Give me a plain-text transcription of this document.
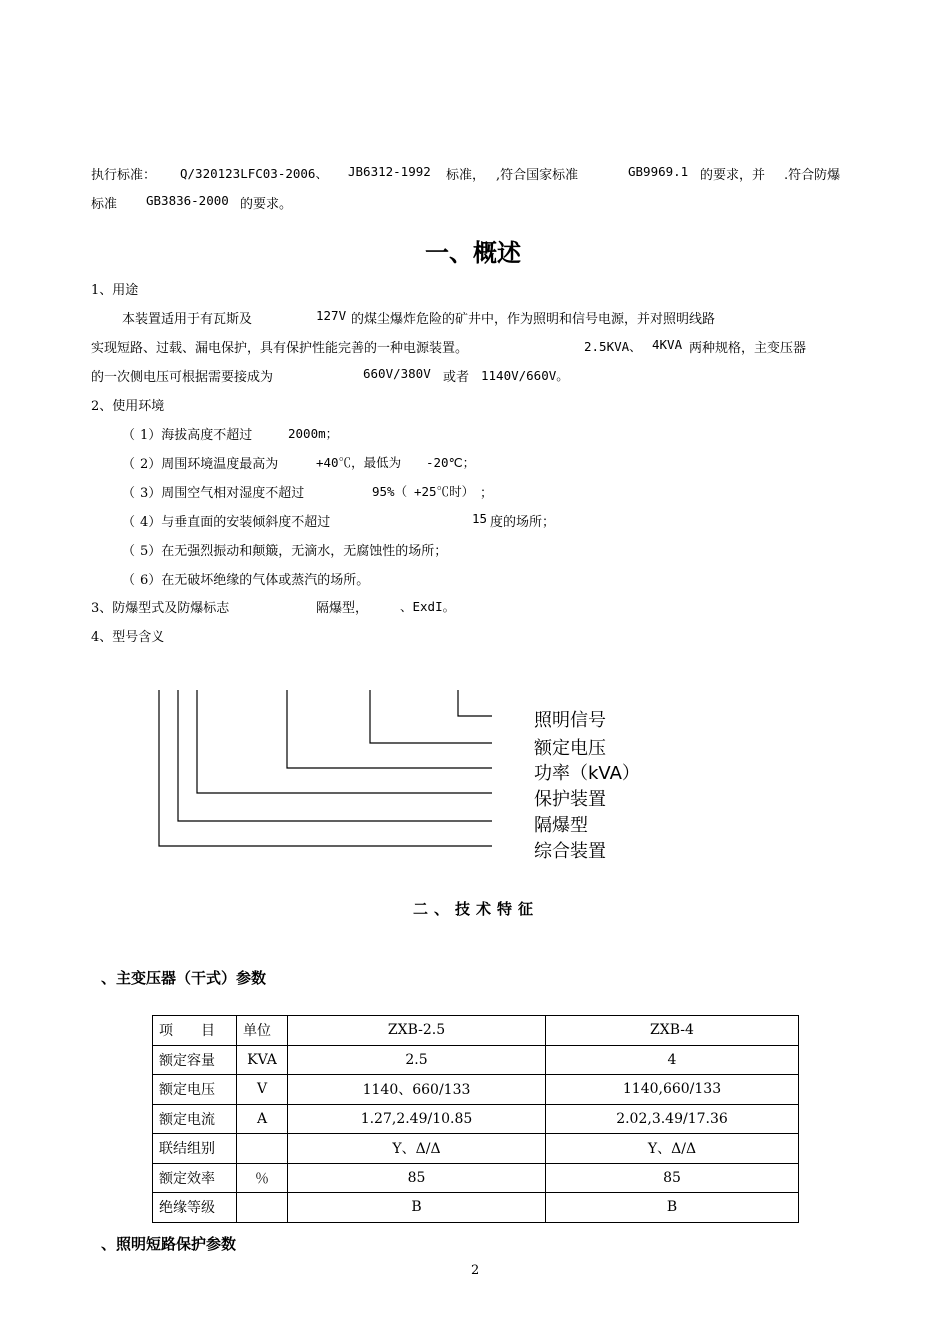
执行标准： Q/320123LFC03-2006、 JB6312-1992 标准， ,符合国家标准	GB9969.1 的要求，并 .符合防爆
标准 GB3836-2000 的要求。
一、概述
1、用途
本装置适用于有瓦斯及	127V 的煤尘爆炸危险的矿井中，作为照明和信号电源，并对照明线路
实现短路、过载、漏电保护，具有保护性能完善的一种电源装置。	2.5KVA、 4KVA 两种规格，主变压器
的一次侧电压可根据需要接成为	660V/380V 或者 1140V/660V。
2、使用环境
（ 1）海拔高度不超过	2000m；
（ 2）周围环境温度最高为	+40℃，最低为 -20℃；
（ 3）周围空气相对湿度不超过	95%（ +25℃时） ；
（ 4）与垂直面的安装倾斜度不超过	15 度的场所；
（ 5）在无强烈振动和颠簸，无滴水，无腐蚀性的场所；
（ 6）在无破坏绝缘的气体或蒸汽的场所。
3、防爆型式及防爆标志	隔爆型，	、ExdI。
4、型号含义
照明信号
额定电压
功率（kVA）
保护装置
隔爆型
综合装置
二、技术特征
、主变压器（干式）参数
项　　目	单位	ZXB-2.5	ZXB-4
额定容量	KVA	2.5	4
额定电压	V	1140、660/133	1140,660/133
额定电流	A	1.27,2.49/10.85	2.02,3.49/17.36
联结组别		Y、Δ/Δ	Y、Δ/Δ
额定效率	％	85	85
绝缘等级		B	B
、照明短路保护参数
2
